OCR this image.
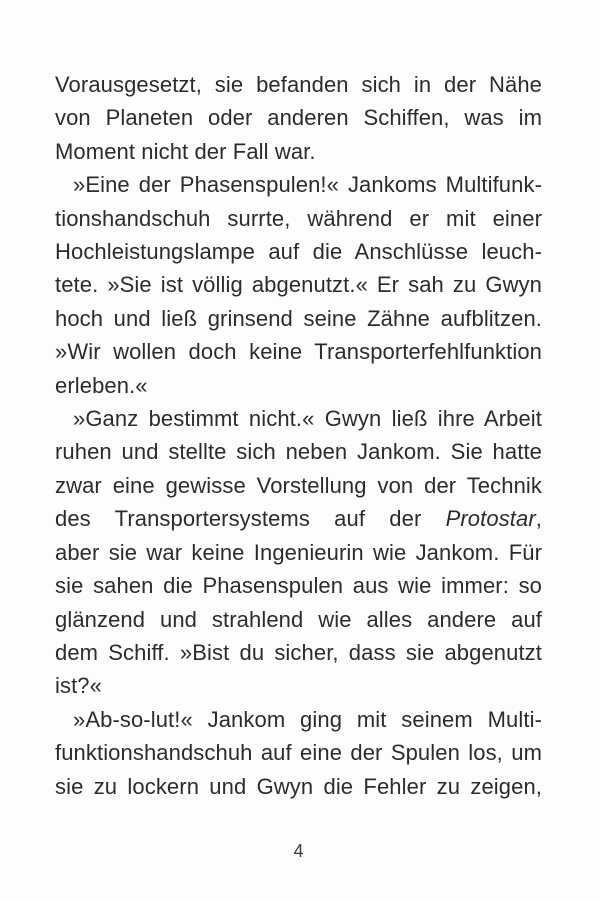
Vorausgesetzt, sie befanden sich in der Nähe
von Planeten oder anderen Schiffen, was im
Moment nicht der Fall war.
»Eine der Phasenspulen!« Jankoms Multifunk-
tionshandschuh surrte, während er mit einer
Hochleistungslampe auf die Anschlüsse leuch-
tete. »Sie ist völlig abgenutzt.« Er sah zu Gwyn
hoch und ließ grinsend seine Zähne aufblitzen.
»Wir wollen doch keine Transporterfehlfunktion
erleben.«
»Ganz bestimmt nicht.« Gwyn ließ ihre Arbeit
ruhen und stellte sich neben Jankom. Sie hatte
zwar eine gewisse Vorstellung von der Technik
des Transportersystems auf der Protostar,
aber sie war keine Ingenieurin wie Jankom. Für
sie sahen die Phasenspulen aus wie immer: so
glänzend und strahlend wie alles andere auf
dem Schiff. »Bist du sicher, dass sie abgenutzt
ist?«
»Ab-so-lut!« Jankom ging mit seinem Multi-
funktionshandschuh auf eine der Spulen los, um
sie zu lockern und Gwyn die Fehler zu zeigen,
4
